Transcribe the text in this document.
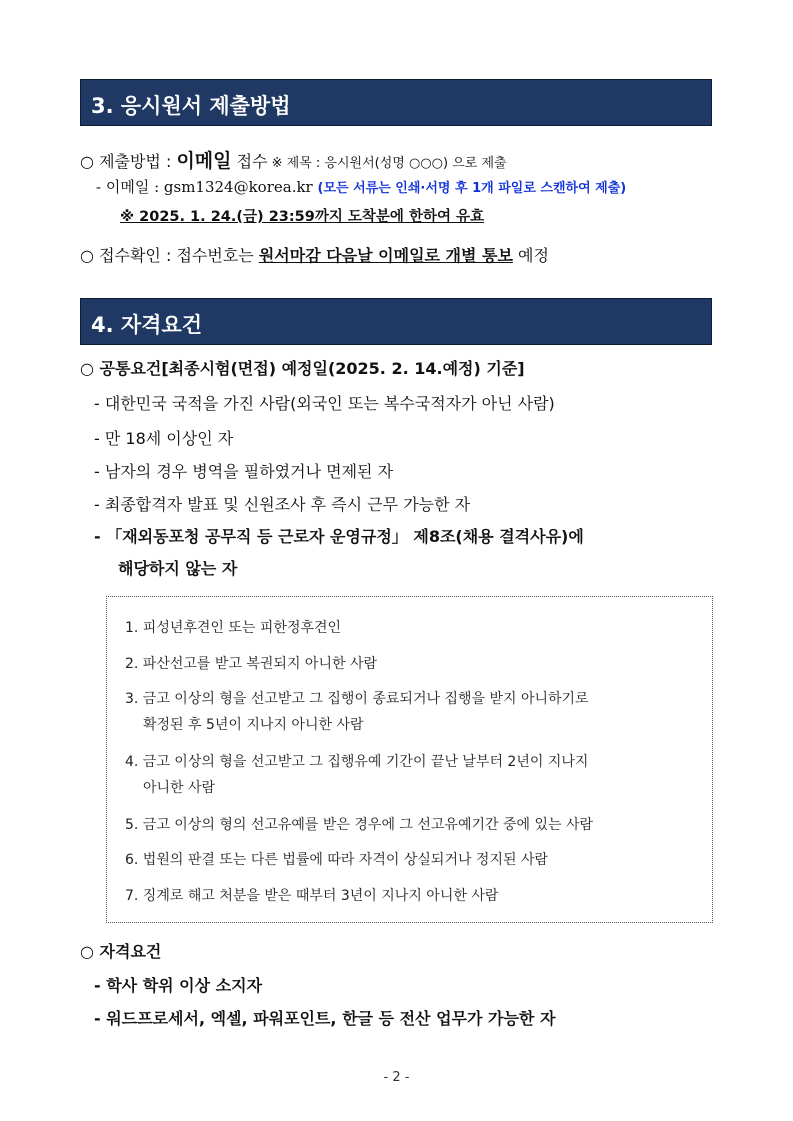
3. 응시원서 제출방법
○ 제출방법 : 이메일 접수 ※ 제목 : 응시원서(성명 ○○○) 으로 제출
- 이메일 : gsm1324@korea.kr (모든 서류는 인쇄·서명 후 1개 파일로 스캔하여 제출)
※ 2025. 1. 24.(금) 23:59까지 도착분에 한하여 유효
○ 접수확인 : 접수번호는 원서마감 다음날 이메일로 개별 통보 예정
4. 자격요건
○ 공통요건[최종시험(면접) 예정일(2025. 2. 14.예정) 기준]
- 대한민국 국적을 가진 사람(외국인 또는 복수국적자가 아닌 사람)
- 만 18세 이상인 자
- 남자의 경우 병역을 필하였거나 면제된 자
- 최종합격자 발표 및 신원조사 후 즉시 근무 가능한 자
- 「재외동포청 공무직 등 근로자 운영규정」 제8조(채용 결격사유)에
해당하지 않는 자
1. 피성년후견인 또는 피한정후견인
2. 파산선고를 받고 복권되지 아니한 사람
3. 금고 이상의 형을 선고받고 그 집행이 종료되거나 집행을 받지 아니하기로
확정된 후 5년이 지나지 아니한 사람
4. 금고 이상의 형을 선고받고 그 집행유예 기간이 끝난 날부터 2년이 지나지
아니한 사람
5. 금고 이상의 형의 선고유예를 받은 경우에 그 선고유예기간 중에 있는 사람
6. 법원의 판결 또는 다른 법률에 따라 자격이 상실되거나 정지된 사람
7. 징계로 해고 처분을 받은 때부터 3년이 지나지 아니한 사람
○ 자격요건
- 학사 학위 이상 소지자
- 워드프로세서, 엑셀, 파워포인트, 한글 등 전산 업무가 가능한 자
- 2 -
